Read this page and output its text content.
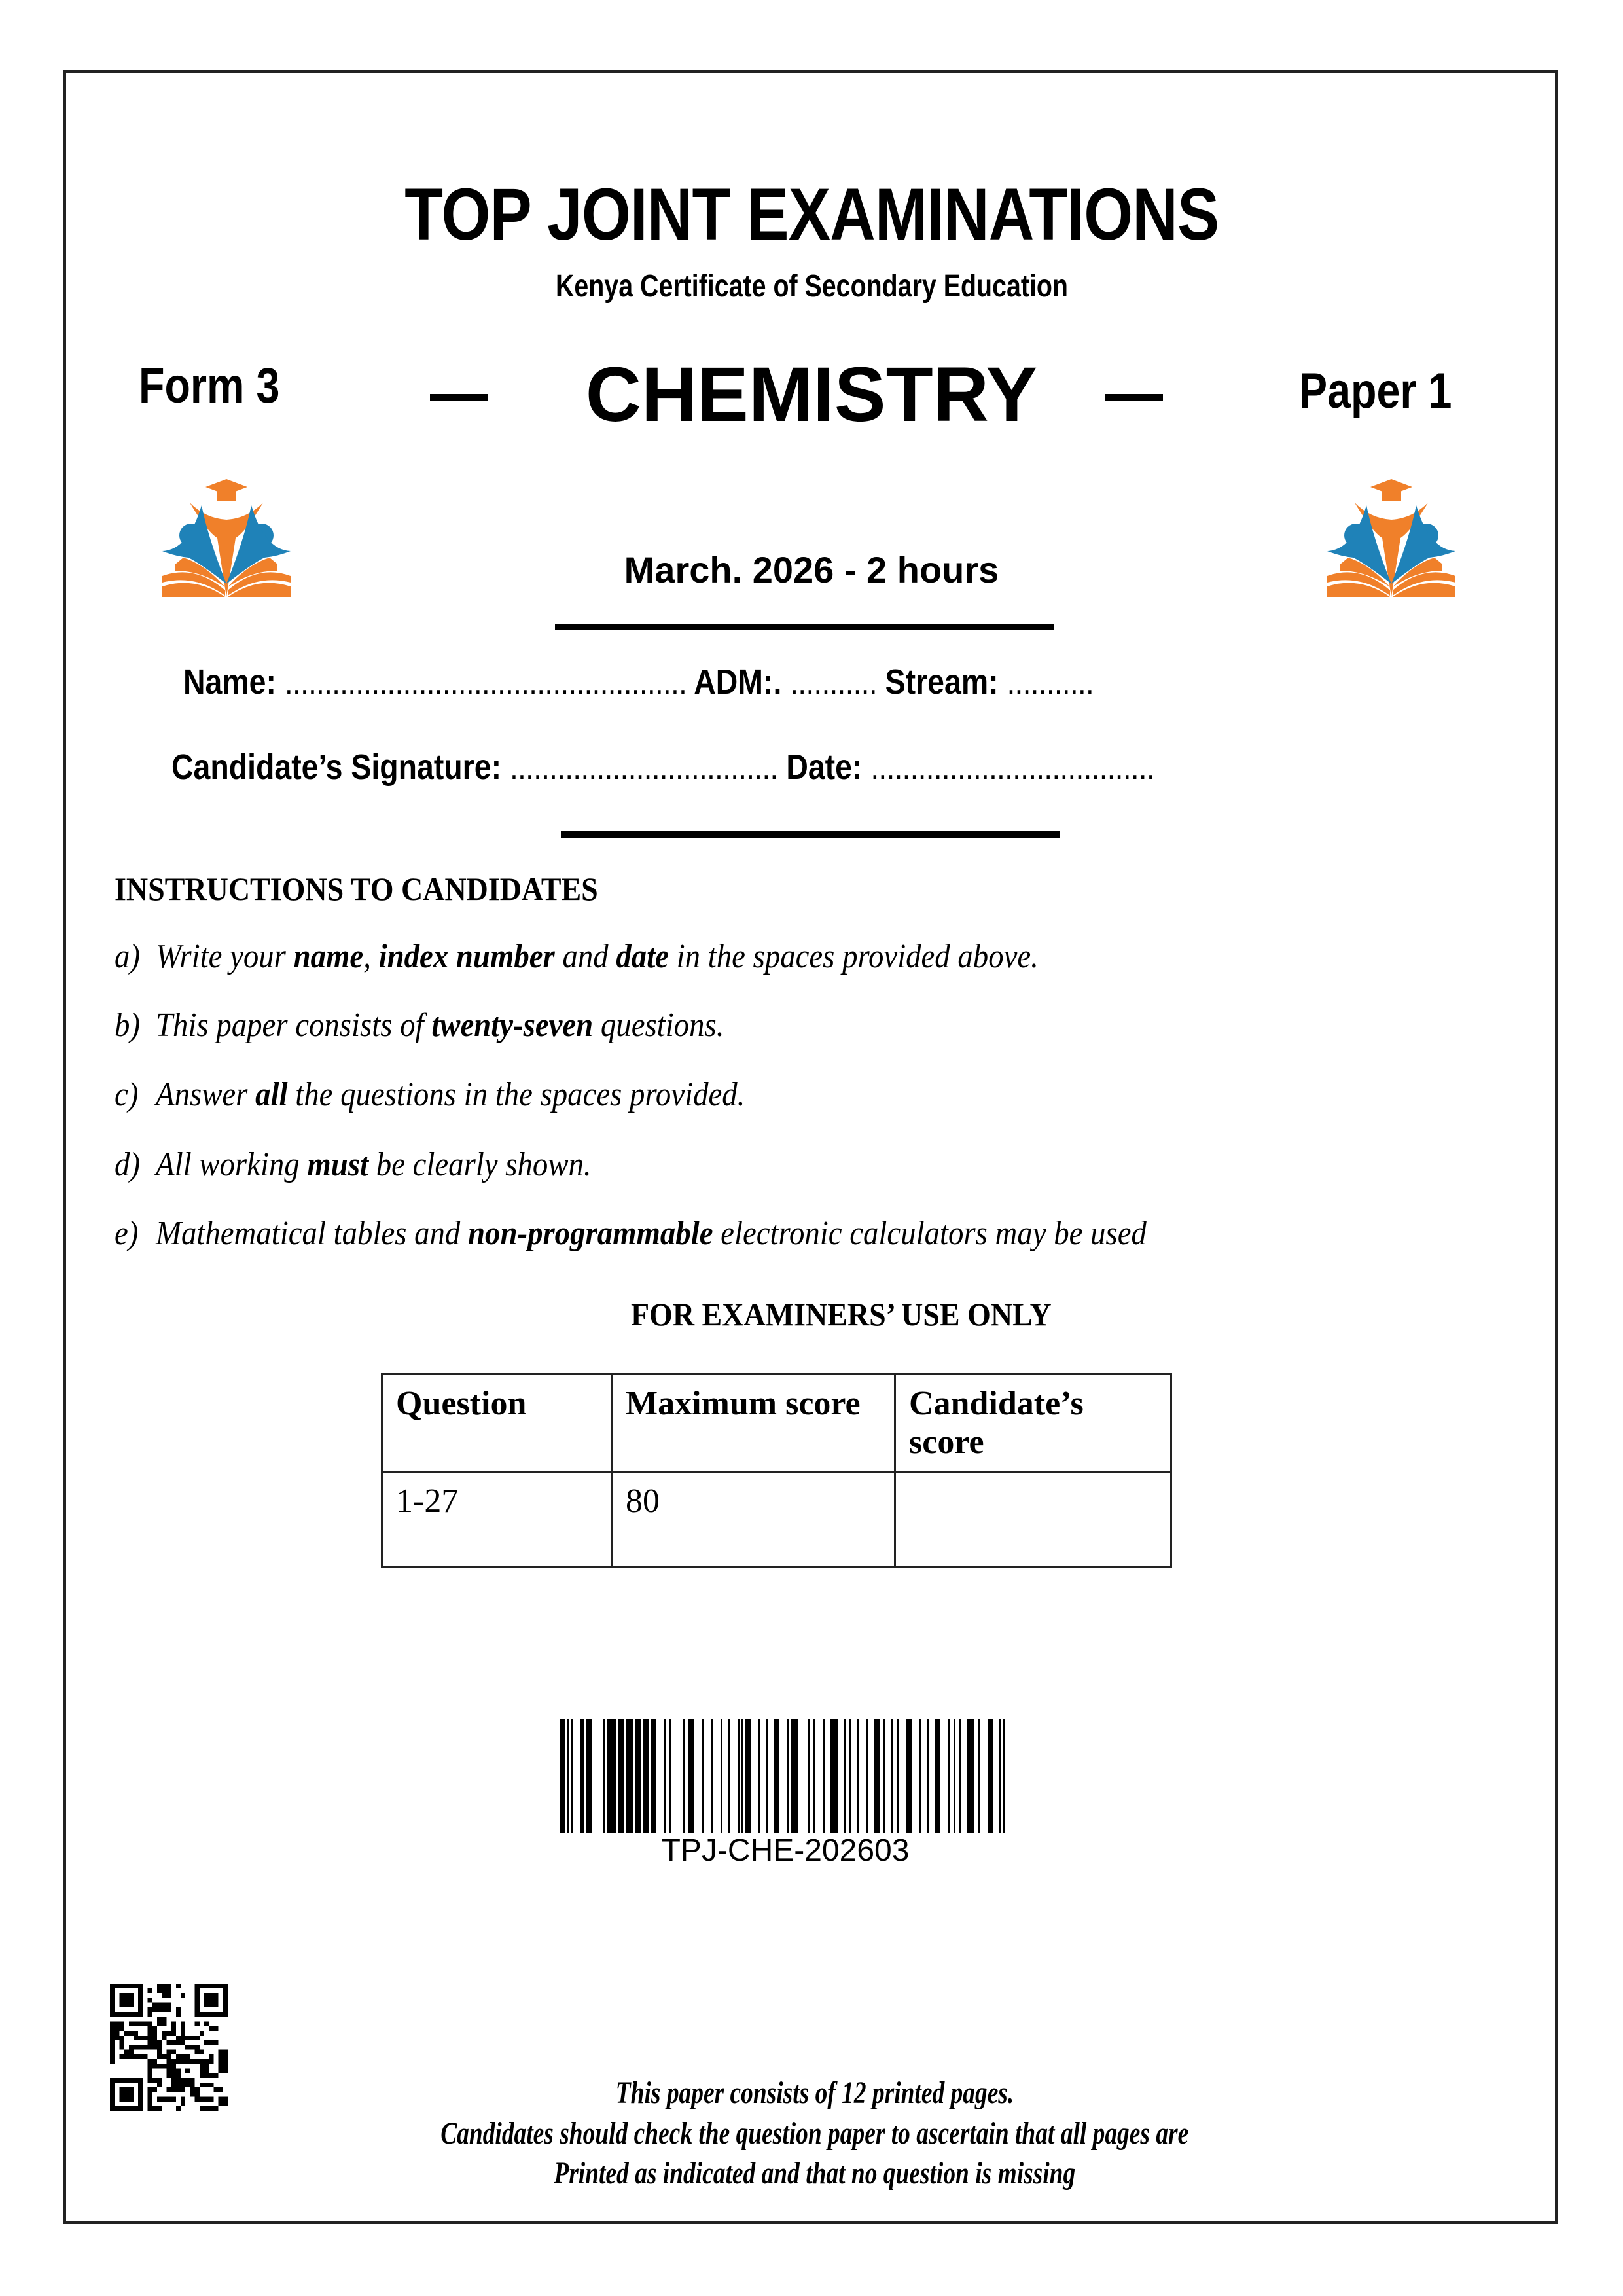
TOP JOINT EXAMINATIONS
Kenya Certificate of Secondary Education
Form 3	CHEMISTRY	Paper 1
March. 2026 - 2 hours
Name: ................................................... ADM:. ........... Stream: ...........
Candidate’s Signature: .................................. Date: ....................................
INSTRUCTIONS TO CANDIDATES
a) Write your name, index number and date in the spaces provided above.
b) This paper consists of twenty-seven questions.
c) Answer all the questions in the spaces provided.
d) All working must be clearly shown.
e) Mathematical tables and non-programmable electronic calculators may be used
FOR EXAMINERS’ USE ONLY
Question	Maximum score	Candidate’s score
1-27	80	
TPJ-CHE-202603
This paper consists of 12 printed pages.
Candidates should check the question paper to ascertain that all pages are
Printed as indicated and that no question is missing
